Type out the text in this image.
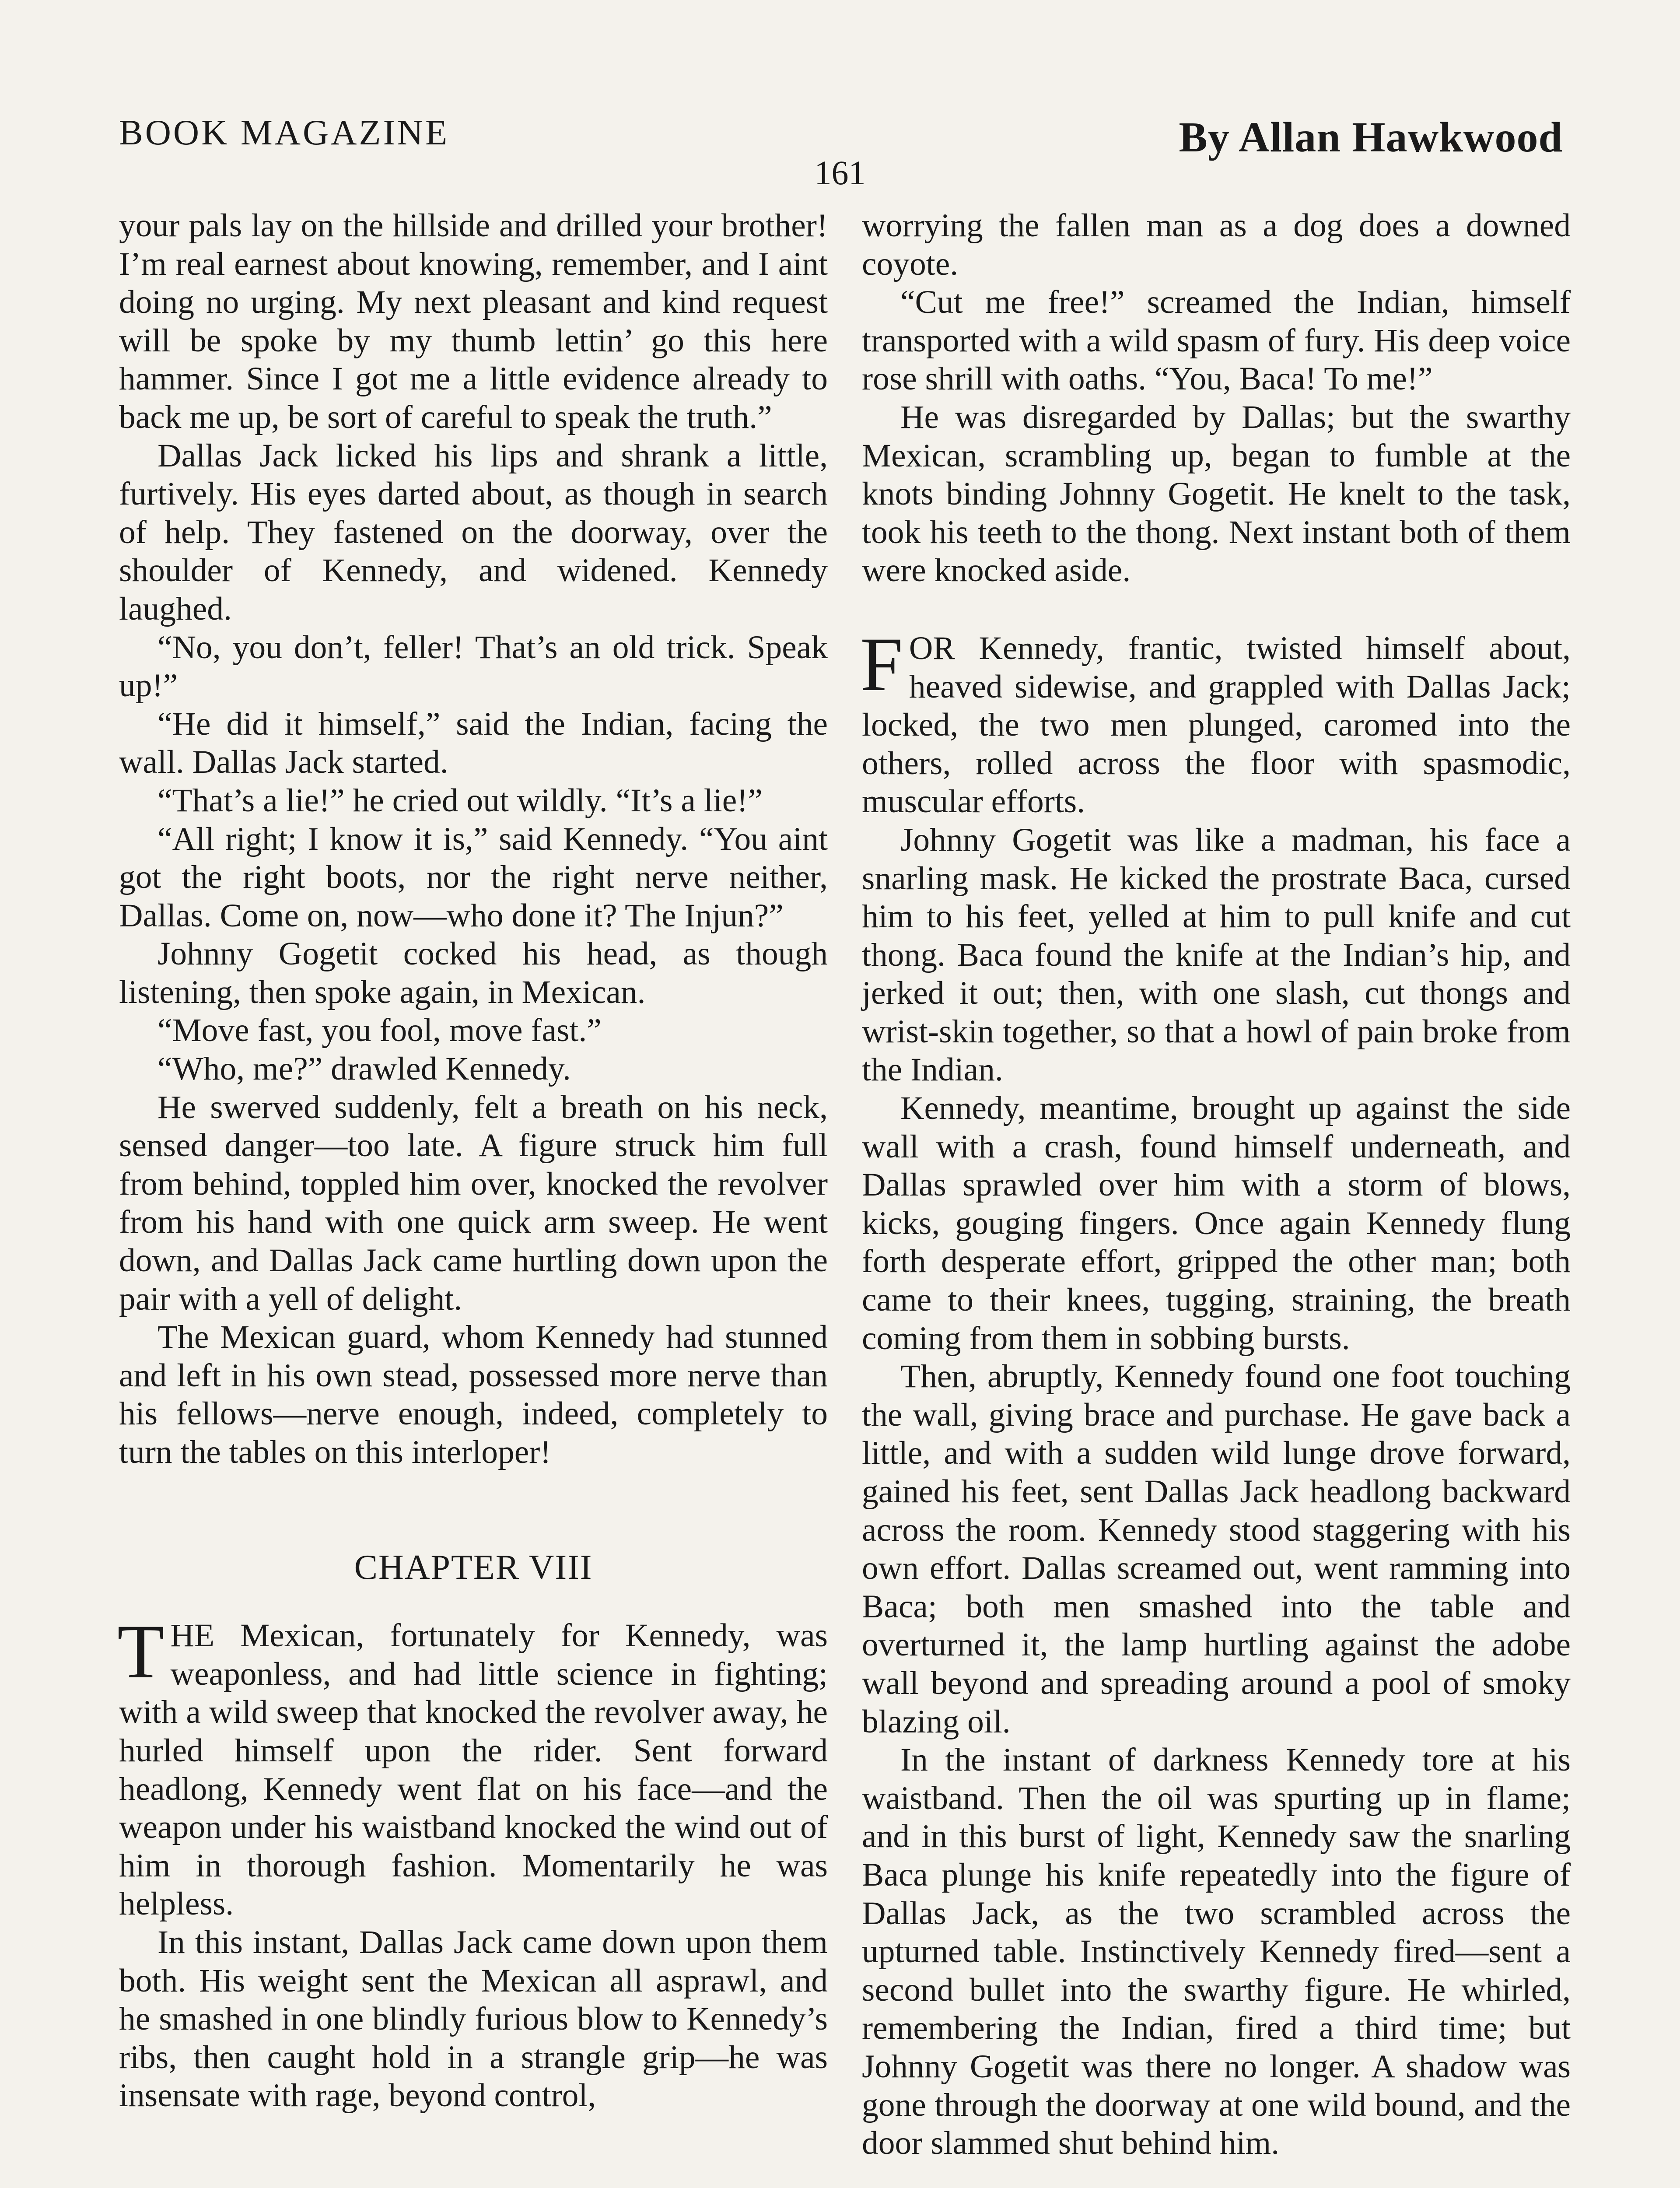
BOOK MAGAZINE	By Allan Hawkwood
161

your pals lay on the hillside and drilled your brother! I’m real earnest about knowing, remember, and I aint doing no urging. My next pleasant and kind request will be spoke by my thumb lettin’ go this here hammer. Since I got me a little evidence already to back me up, be sort of careful to speak the truth.”

Dallas Jack licked his lips and shrank a little, furtively. His eyes darted about, as though in search of help. They fastened on the doorway, over the shoulder of Kennedy, and widened. Kennedy laughed.

“No, you don’t, feller! That’s an old trick. Speak up!”

“He did it himself,” said the Indian, facing the wall. Dallas Jack started.

“That’s a lie!” he cried out wildly. “It’s a lie!”

“All right; I know it is,” said Kennedy. “You aint got the right boots, nor the right nerve neither, Dallas. Come on, now—who done it? The Injun?”

Johnny Gogetit cocked his head, as though listening, then spoke again, in Mexican.

“Move fast, you fool, move fast.”

“Who, me?” drawled Kennedy.

He swerved suddenly, felt a breath on his neck, sensed danger—too late. A figure struck him full from behind, toppled him over, knocked the revolver from his hand with one quick arm sweep. He went down, and Dallas Jack came hurtling down upon the pair with a yell of delight.

The Mexican guard, whom Kennedy had stunned and left in his own stead, possessed more nerve than his fellows—nerve enough, indeed, completely to turn the tables on this interloper!

CHAPTER VIII

THE Mexican, fortunately for Kennedy, was weaponless, and had little science in fighting; with a wild sweep that knocked the revolver away, he hurled himself upon the rider. Sent forward headlong, Kennedy went flat on his face—and the weapon under his waistband knocked the wind out of him in thorough fashion. Momentarily he was helpless.

In this instant, Dallas Jack came down upon them both. His weight sent the Mexican all asprawl, and he smashed in one blindly furious blow to Kennedy’s ribs, then caught hold in a strangle grip—he was insensate with rage, beyond control,

worrying the fallen man as a dog does a downed coyote.

“Cut me free!” screamed the Indian, himself transported with a wild spasm of fury. His deep voice rose shrill with oaths. “You, Baca! To me!”

He was disregarded by Dallas; but the swarthy Mexican, scrambling up, began to fumble at the knots binding Johnny Gogetit. He knelt to the task, took his teeth to the thong. Next instant both of them were knocked aside.

FOR Kennedy, frantic, twisted himself about, heaved sidewise, and grappled with Dallas Jack; locked, the two men plunged, caromed into the others, rolled across the floor with spasmodic, muscular efforts.

Johnny Gogetit was like a madman, his face a snarling mask. He kicked the prostrate Baca, cursed him to his feet, yelled at him to pull knife and cut thong. Baca found the knife at the Indian’s hip, and jerked it out; then, with one slash, cut thongs and wrist-skin together, so that a howl of pain broke from the Indian.

Kennedy, meantime, brought up against the side wall with a crash, found himself underneath, and Dallas sprawled over him with a storm of blows, kicks, gouging fingers. Once again Kennedy flung forth desperate effort, gripped the other man; both came to their knees, tugging, straining, the breath coming from them in sobbing bursts.

Then, abruptly, Kennedy found one foot touching the wall, giving brace and purchase. He gave back a little, and with a sudden wild lunge drove forward, gained his feet, sent Dallas Jack headlong backward across the room. Kennedy stood staggering with his own effort. Dallas screamed out, went ramming into Baca; both men smashed into the table and overturned it, the lamp hurtling against the adobe wall beyond and spreading around a pool of smoky blazing oil.

In the instant of darkness Kennedy tore at his waistband. Then the oil was spurting up in flame; and in this burst of light, Kennedy saw the snarling Baca plunge his knife repeatedly into the figure of Dallas Jack, as the two scrambled across the upturned table. Instinctively Kennedy fired—sent a second bullet into the swarthy figure. He whirled, remembering the Indian, fired a third time; but Johnny Gogetit was there no longer. A shadow was gone through the doorway at one wild bound, and the door slammed shut behind him.
